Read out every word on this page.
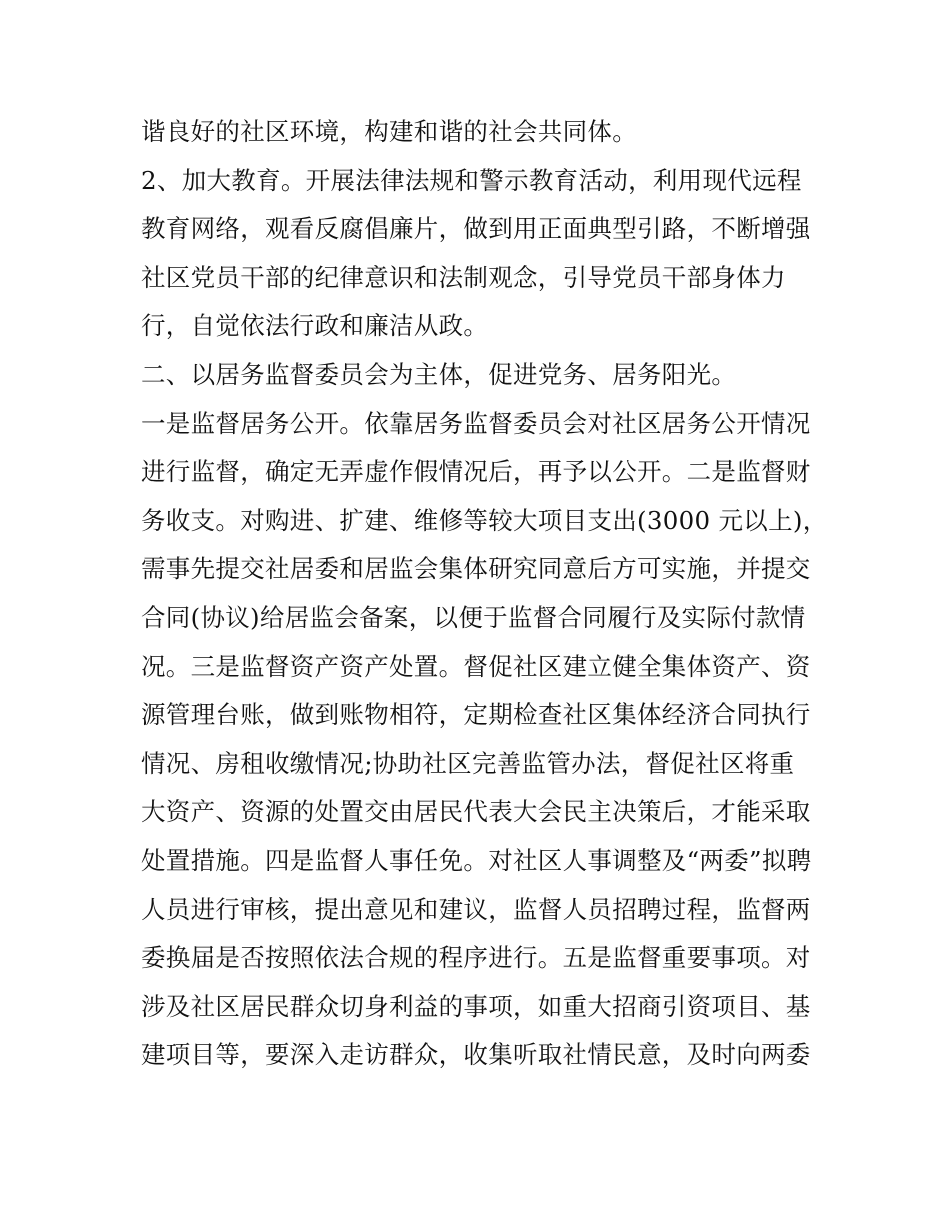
谐良好的社区环境，构建和谐的社会共同体。
2、加大教育。开展法律法规和警示教育活动，利用现代远程
教育网络，观看反腐倡廉片，做到用正面典型引路，不断增强
社区党员干部的纪律意识和法制观念，引导党员干部身体力
行，自觉依法行政和廉洁从政。
二、以居务监督委员会为主体，促进党务、居务阳光。
一是监督居务公开。依靠居务监督委员会对社区居务公开情况
进行监督，确定无弄虚作假情况后，再予以公开。二是监督财
务收支。对购进、扩建、维修等较大项目支出(3000 元以上)，
需事先提交社居委和居监会集体研究同意后方可实施，并提交
合同(协议)给居监会备案，以便于监督合同履行及实际付款情
况。三是监督资产资产处置。督促社区建立健全集体资产、资
源管理台账，做到账物相符，定期检查社区集体经济合同执行
情况、房租收缴情况;协助社区完善监管办法，督促社区将重
大资产、资源的处置交由居民代表大会民主决策后，才能采取
处置措施。四是监督人事任免。对社区人事调整及“两委”拟聘
人员进行审核，提出意见和建议，监督人员招聘过程，监督两
委换届是否按照依法合规的程序进行。五是监督重要事项。对
涉及社区居民群众切身利益的事项，如重大招商引资项目、基
建项目等，要深入走访群众，收集听取社情民意，及时向两委
